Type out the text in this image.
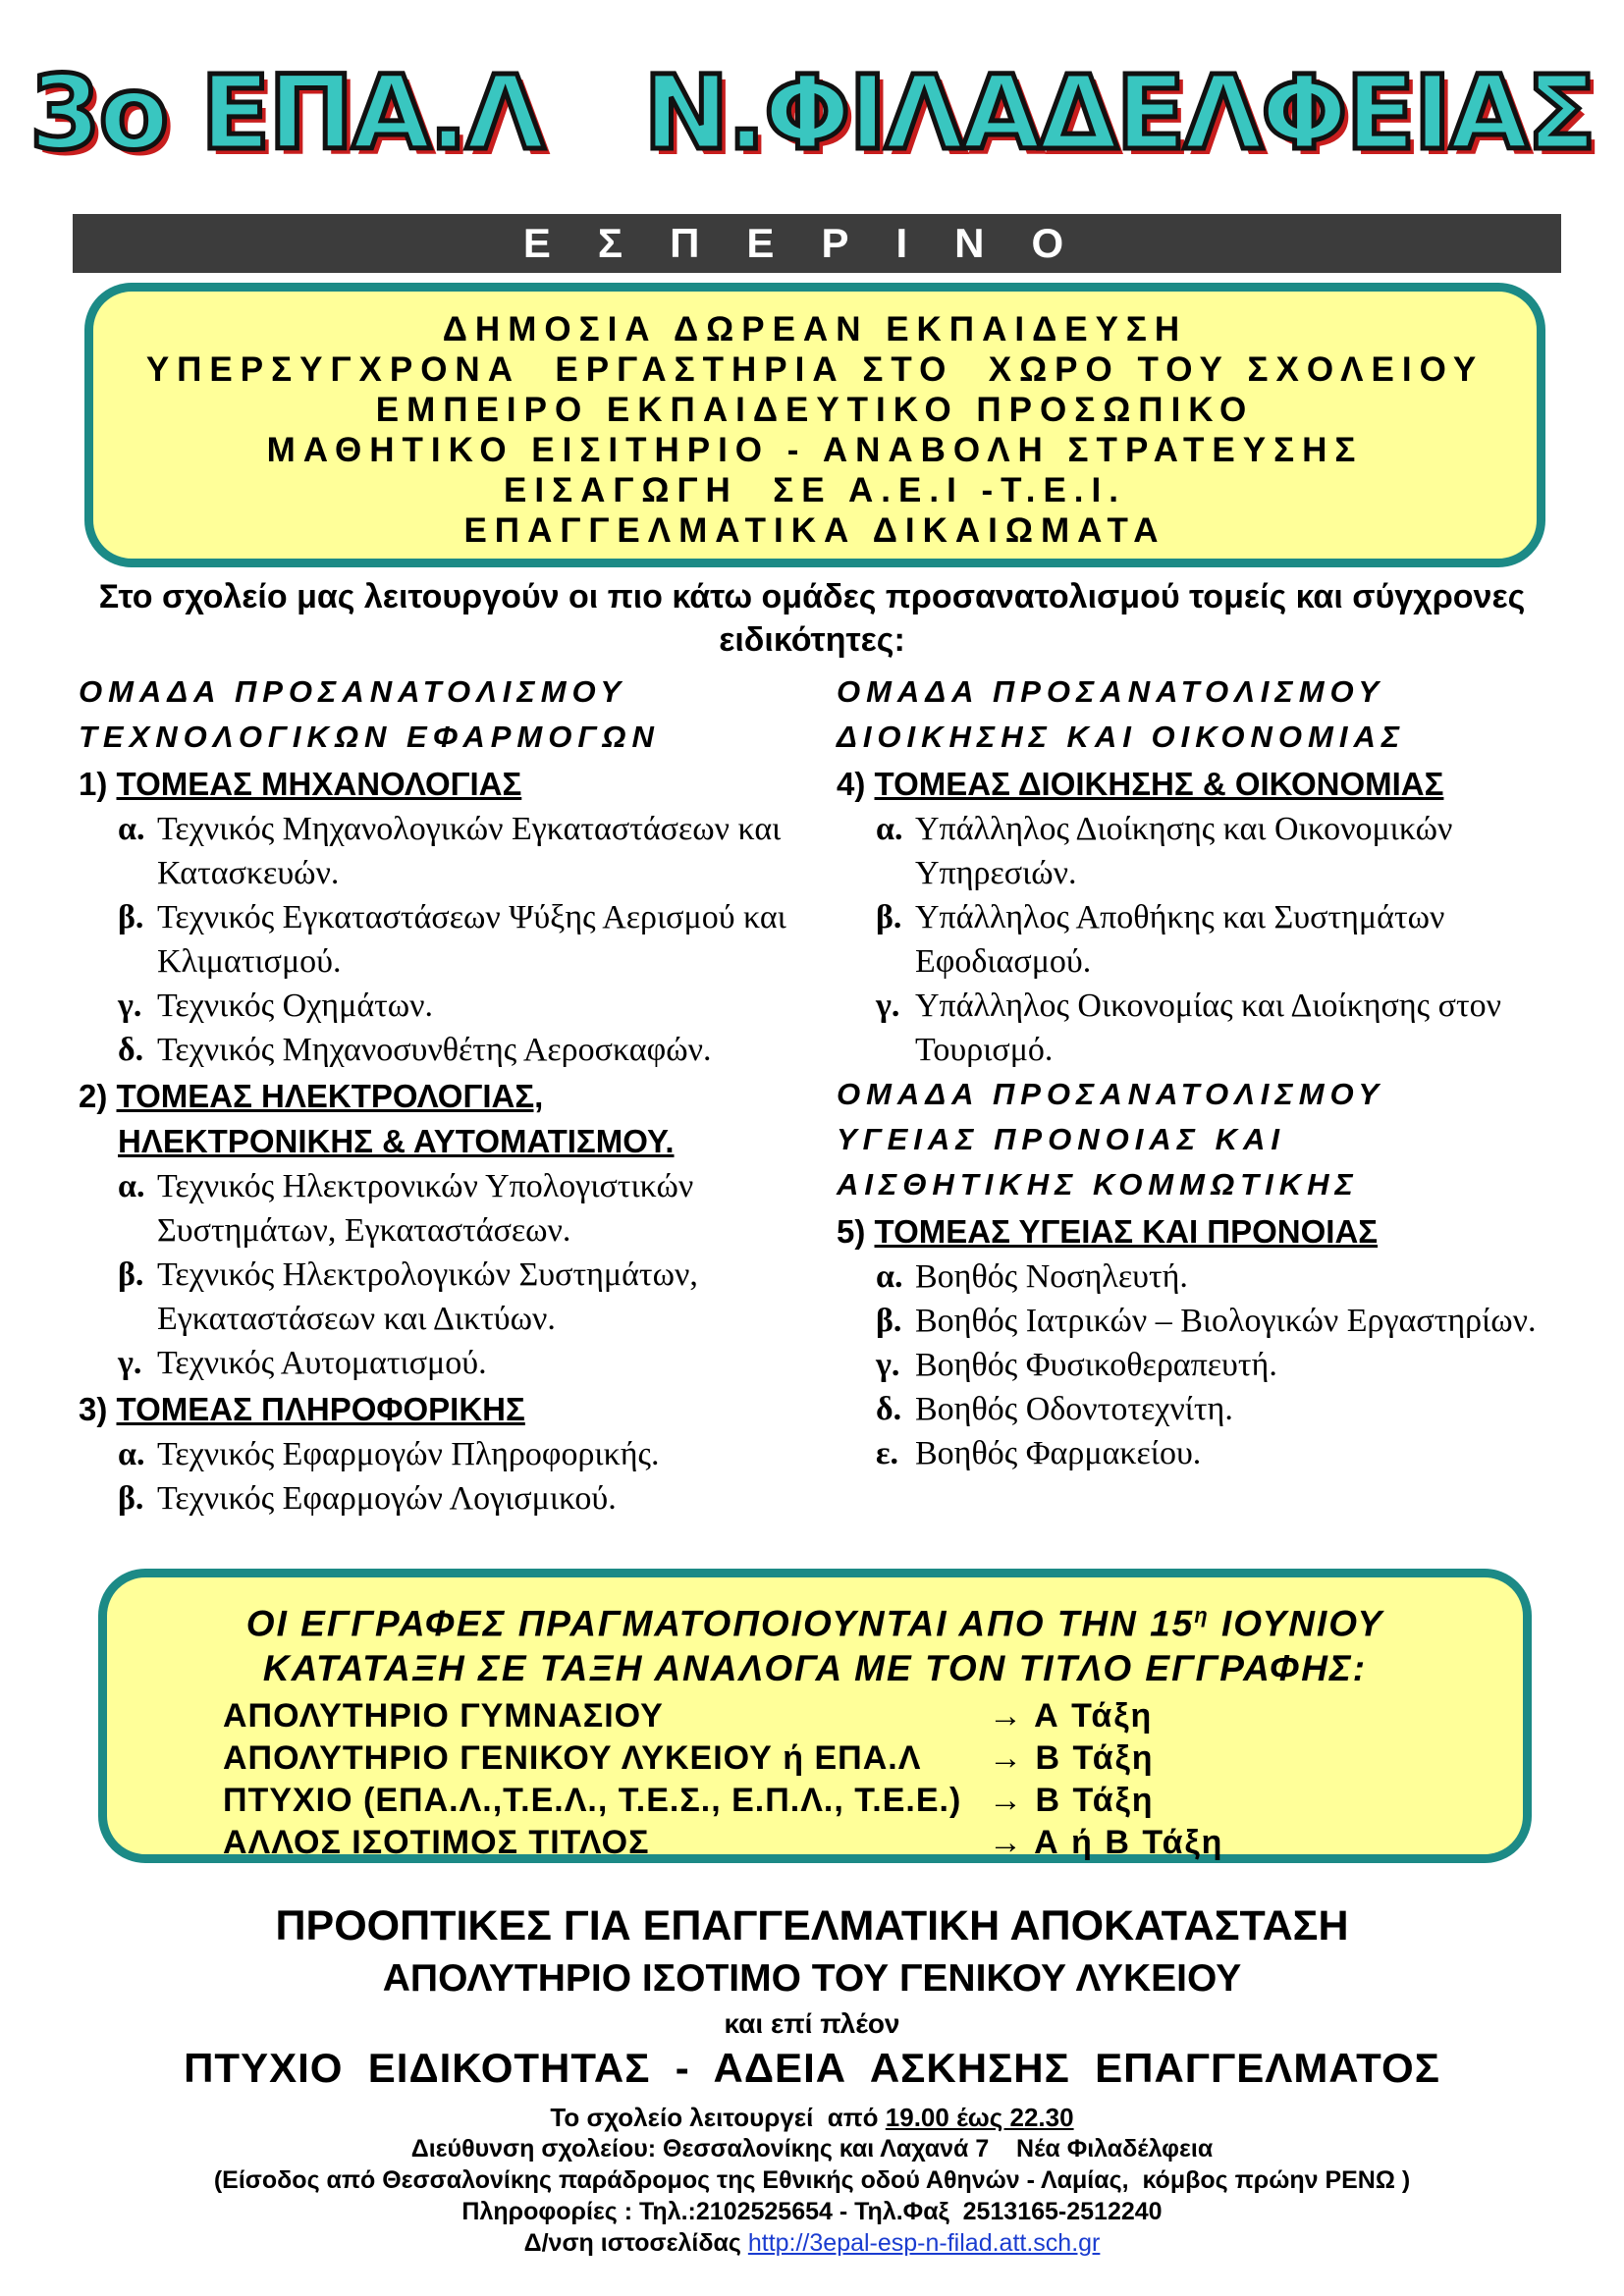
3ο ΕΠΑ.Λ   Ν.ΦΙΛΑΔΕΛΦΕΙΑΣ
ΕΣΠΕΡΙΝΟ
ΔΗΜΟΣΙΑ ΔΩΡΕΑΝ ΕΚΠΑΙΔΕΥΣΗ
ΥΠΕΡΣΥΓΧΡΟΝΑ  ΕΡΓΑΣΤΗΡΙΑ ΣΤΟ  ΧΩΡΟ ΤΟΥ ΣΧΟΛΕΙΟΥ
ΕΜΠΕΙΡΟ ΕΚΠΑΙΔΕΥΤΙΚΟ ΠΡΟΣΩΠΙΚΟ
ΜΑΘΗΤΙΚΟ ΕΙΣΙΤΗΡΙΟ - ΑΝΑΒΟΛΗ ΣΤΡΑΤΕΥΣΗΣ
ΕΙΣΑΓΩΓΗ  ΣΕ Α.Ε.Ι -Τ.Ε.Ι.
ΕΠΑΓΓΕΛΜΑΤΙΚΑ ΔΙΚΑΙΩΜΑΤΑ
Στο σχολείο μας λειτουργούν οι πιο κάτω ομάδες προσανατολισμού τομείς και σύγχρονες ειδικότητες:
ΟΜΑΔΑ ΠΡΟΣΑΝΑΤΟΛΙΣΜΟΥ
ΤΕΧΝΟΛΟΓΙΚΩΝ ΕΦΑΡΜΟΓΩΝ
1) ΤΟΜΕΑΣ ΜΗΧΑΝΟΛΟΓΙΑΣ
α. Τεχνικός Μηχανολογικών Εγκαταστάσεων και Κατασκευών.
β. Τεχνικός Εγκαταστάσεων Ψύξης Αερισμού και Κλιματισμού.
γ. Τεχνικός Οχημάτων.
δ. Τεχνικός Μηχανοσυνθέτης Αεροσκαφών.
2) ΤΟΜΕΑΣ ΗΛΕΚΤΡΟΛΟΓΙΑΣ,
ΗΛΕΚΤΡΟΝΙΚΗΣ & ΑΥΤΟΜΑΤΙΣΜΟΥ.
α. Τεχνικός Ηλεκτρονικών Υπολογιστικών Συστημάτων, Εγκαταστάσεων.
β. Τεχνικός Ηλεκτρολογικών Συστημάτων, Εγκαταστάσεων και Δικτύων.
γ. Τεχνικός Αυτοματισμού.
3) ΤΟΜΕΑΣ ΠΛΗΡΟΦΟΡΙΚΗΣ
α. Τεχνικός Εφαρμογών Πληροφορικής.
β. Τεχνικός Εφαρμογών Λογισμικού.
ΟΜΑΔΑ ΠΡΟΣΑΝΑΤΟΛΙΣΜΟΥ
ΔΙΟΙΚΗΣΗΣ ΚΑΙ ΟΙΚΟΝΟΜΙΑΣ
4) ΤΟΜΕΑΣ ΔΙΟΙΚΗΣΗΣ & ΟΙΚΟΝΟΜΙΑΣ
α. Υπάλληλος Διοίκησης και Οικονομικών Υπηρεσιών.
β. Υπάλληλος Αποθήκης και Συστημάτων Εφοδιασμού.
γ. Υπάλληλος Οικονομίας και Διοίκησης στον Τουρισμό.
ΟΜΑΔΑ ΠΡΟΣΑΝΑΤΟΛΙΣΜΟΥ
ΥΓΕΙΑΣ ΠΡΟΝΟΙΑΣ ΚΑΙ
ΑΙΣΘΗΤΙΚΗΣ ΚΟΜΜΩΤΙΚΗΣ
5) ΤΟΜΕΑΣ ΥΓΕΙΑΣ ΚΑΙ ΠΡΟΝΟΙΑΣ
α. Βοηθός Νοσηλευτή.
β. Βοηθός Ιατρικών – Βιολογικών Εργαστηρίων.
γ. Βοηθός Φυσικοθεραπευτή.
δ. Βοηθός Οδοντοτεχνίτη.
ε. Βοηθός Φαρμακείου.
ΟΙ ΕΓΓΡΑΦΕΣ ΠΡΑΓΜΑΤΟΠΟΙΟΥΝΤΑΙ ΑΠΟ ΤΗΝ $15^\eta$ ΙΟΥΝΙΟΥ
ΚΑΤΑΤΑΞΗ ΣΕ ΤΑΞΗ ΑΝΑΛΟΓΑ ΜΕ ΤΟΝ ΤΙΤΛΟ ΕΓΓΡΑΦΗΣ:
ΑΠΟΛΥΤΗΡΙΟ ΓΥΜΝΑΣΙΟΥ	→ Α Τάξη
ΑΠΟΛΥΤΗΡΙΟ ΓΕΝΙΚΟΥ ΛΥΚΕΙΟΥ ή ΕΠΑ.Λ → Β Τάξη
ΠΤΥΧΙΟ (ΕΠΑ.Λ.,Τ.Ε.Λ., Τ.Ε.Σ., Ε.Π.Λ., Τ.Ε.Ε.) → Β Τάξη
ΑΛΛΟΣ ΙΣΟΤΙΜΟΣ ΤΙΤΛΟΣ	→ Α ή Β Τάξη
ΠΡΟΟΠΤΙΚΕΣ ΓΙΑ ΕΠΑΓΓΕΛΜΑΤΙΚΗ ΑΠΟΚΑΤΑΣΤΑΣΗ
ΑΠΟΛΥΤΗΡΙΟ ΙΣΟΤΙΜΟ ΤΟΥ ΓΕΝΙΚΟΥ ΛΥΚΕΙΟΥ
και επί πλέον
ΠΤΥΧΙΟ  ΕΙΔΙΚΟΤΗΤΑΣ  -  ΑΔΕΙΑ  ΑΣΚΗΣΗΣ  ΕΠΑΓΓΕΛΜΑΤΟΣ
Το σχολείο λειτουργεί  από 19.00 έως 22.30
Διεύθυνση σχολείου: Θεσσαλονίκης και Λαχανά 7    Νέα Φιλαδέλφεια
(Είσοδος από Θεσσαλονίκης παράδρομος της Εθνικής οδού Αθηνών - Λαμίας,  κόμβος πρώην ΡΕΝΩ )
Πληροφορίες : Τηλ.:2102525654 - Τηλ.Φαξ  2513165-2512240
Δ/νση ιστοσελίδας http://3epal-esp-n-filad.att.sch.gr
